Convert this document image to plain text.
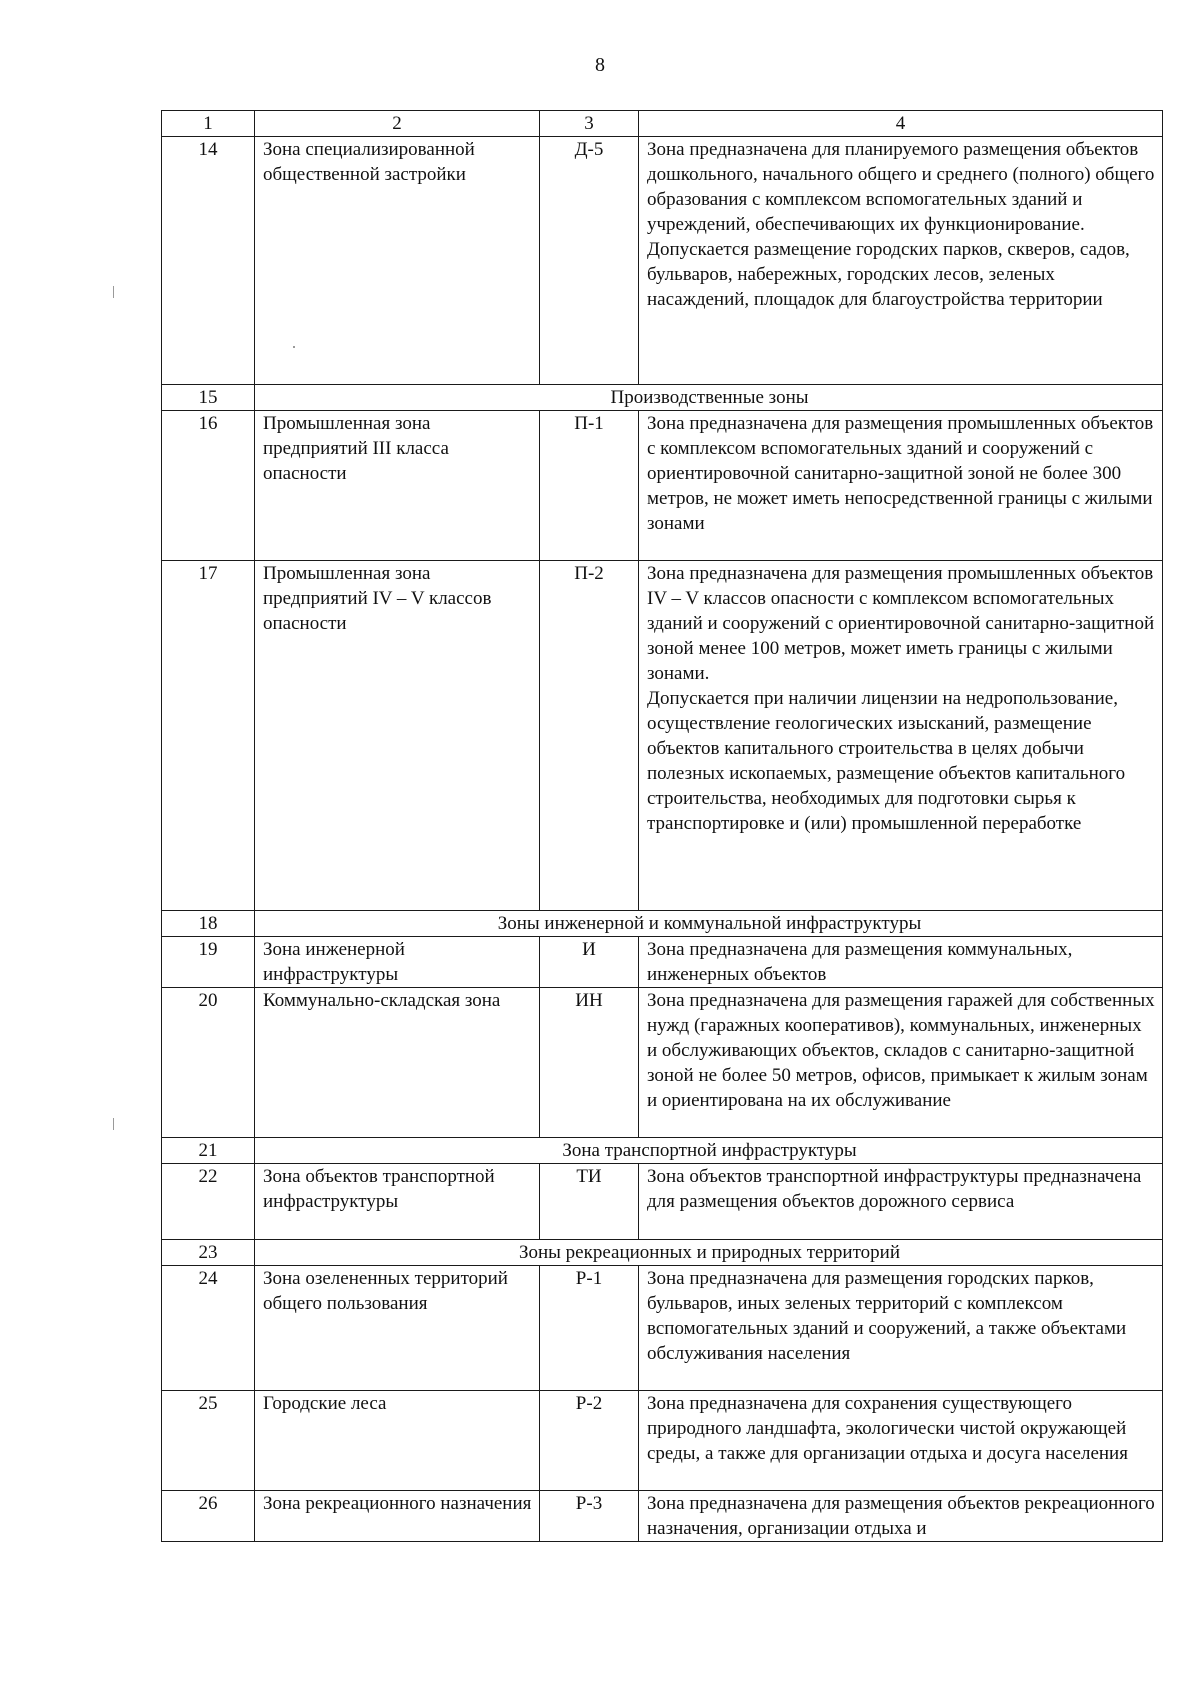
8
1	2	3	4
14	Зона специализированной общественной застройки	Д-5	Зона предназначена для планируемого размещения объектов дошкольного, начального общего и среднего (полного) общего образования с комплексом вспомогательных зданий и учреждений, обеспечивающих их функционирование.
Допускается размещение городских парков, скверов, садов, бульваров, набережных, городских лесов, зеленых насаждений, площадок для благоустройства территории

15	Производственные зоны		
16	Промышленная зона предприятий III класса опасности	П-1	Зона предназначена для размещения промышленных объектов с комплексом вспомогательных зданий и сооружений с ориентировочной санитарно-защитной зоной не более 300 метров, не может иметь непосредственной границы с жилыми зонами

17	Промышленная зона предприятий IV – V классов опасности	П-2	Зона предназначена для размещения промышленных объектов IV – V классов опасности с комплексом вспомогательных зданий и сооружений с ориентировочной санитарно-защитной зоной менее 100 метров, может иметь границы с жилыми зонами.
Допускается при наличии лицензии на недропользование, осуществление геологических изысканий, размещение объектов капитального строительства в целях добычи полезных ископаемых, размещение объектов капитального строительства, необходимых для подготовки сырья к транспортировке и (или) промышленной переработке

18	Зоны инженерной и коммунальной инфраструктуры		
19	Зона инженерной инфраструктуры	И	Зона предназначена для размещения коммунальных, инженерных объектов

20	Коммунально-складская зона	ИН	Зона предназначена для размещения гаражей для собственных нужд (гаражных кооперативов), коммунальных, инженерных и обслуживающих объектов, складов с санитарно-защитной зоной не более 50 метров, офисов, примыкает к жилым зонам и ориентирована на их обслуживание

21	Зона транспортной инфраструктуры		
22	Зона объектов транспортной инфраструктуры	ТИ	Зона объектов транспортной инфраструктуры предназначена для размещения объектов дорожного сервиса

23	Зоны рекреационных и природных территорий		
24	Зона озелененных территорий общего пользования	Р-1	Зона предназначена для размещения городских парков, бульваров, иных зеленых территорий с комплексом вспомогательных зданий и сооружений, а также объектами обслуживания населения

25	Городские леса	Р-2	Зона предназначена для сохранения существующего природного ландшафта, экологически чистой окружающей среды, а также для организации отдыха и досуга населения

26	Зона рекреационного назначения	Р-3	Зона предназначена для размещения объектов рекреационного назначения, организации отдыха и
